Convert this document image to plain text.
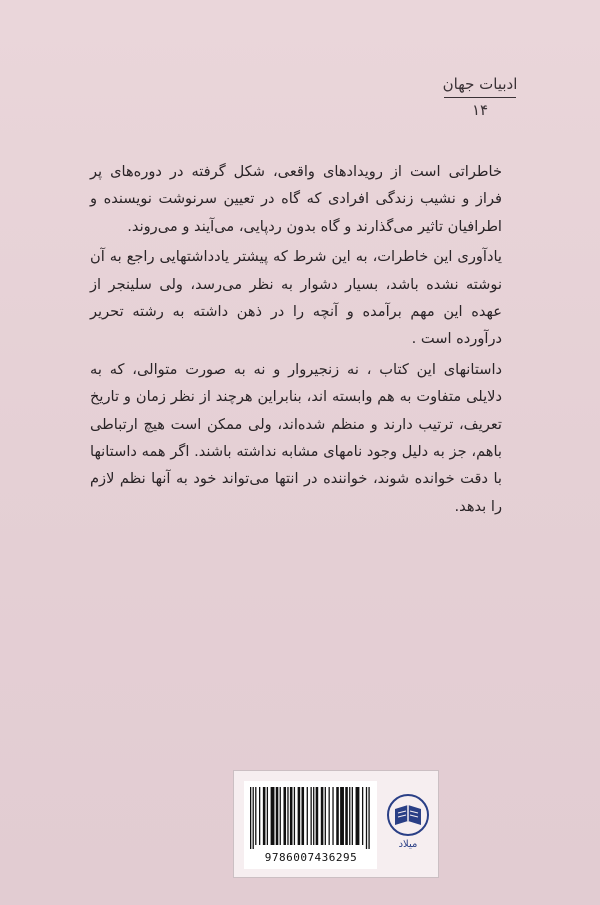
ادبیات جهان
۱۴

خاطراتی است از رویدادهای واقعی، شکل گرفته در دوره‌های پر فراز و نشیب زندگی افرادی که گاه در تعیین سرنوشت نویسنده و اطرافیان تاثیر می‌گذارند و گاه بدون ردپایی، می‌آیند و می‌روند.

یادآوری این خاطرات، به این شرط که پیشتر یادداشتهایی راجع به آن نوشته نشده باشد، بسیار دشوار به نظر می‌رسد، ولی سلینجر از عهده این مهم برآمده و آنچه را در ذهن داشته به رشته تحریر درآورده است .

داستانهای این کتاب ، نه زنجیروار و نه به صورت متوالی، که به دلایلی متفاوت به هم وابسته اند، بنابراین هرچند از نظر زمان و تاریخ تعریف، ترتیب دارند و منظم شده‌اند، ولی ممکن است هیچ ارتباطی باهم، جز به دلیل وجود نامهای مشابه نداشته باشند. اگر همه داستانها با دقت خوانده شوند، خواننده در انتها می‌تواند خود به آنها نظم لازم را بدهد.

9786007436295
میلاد
